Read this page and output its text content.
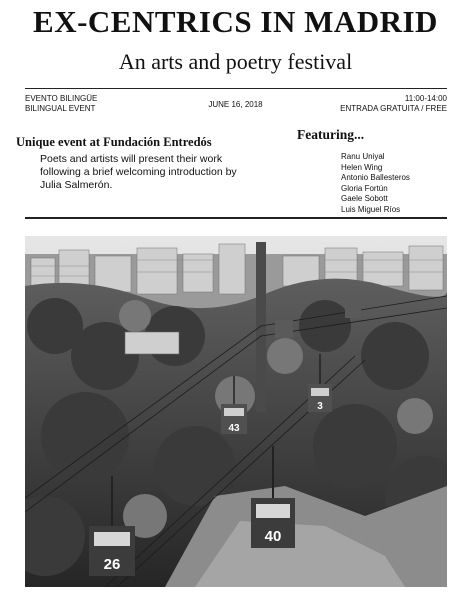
EX-CENTRICS IN MADRID
An arts and poetry festival
EVENTO BILINGÜE
BILINGUAL EVENT	JUNE 16, 2018
11:00-14:00
ENTRADA GRATUITA / FREE
Unique event at Fundación Entredós
Poets and artists will present their work following a brief welcoming introduction by Julia Salmerón.
Featuring...
Ranu Uniyal
Helen Wing
Antonio Ballesteros
Gloria Fortún
Gaele Sobott
Luis Miguel Ríos
43
3
40
26
